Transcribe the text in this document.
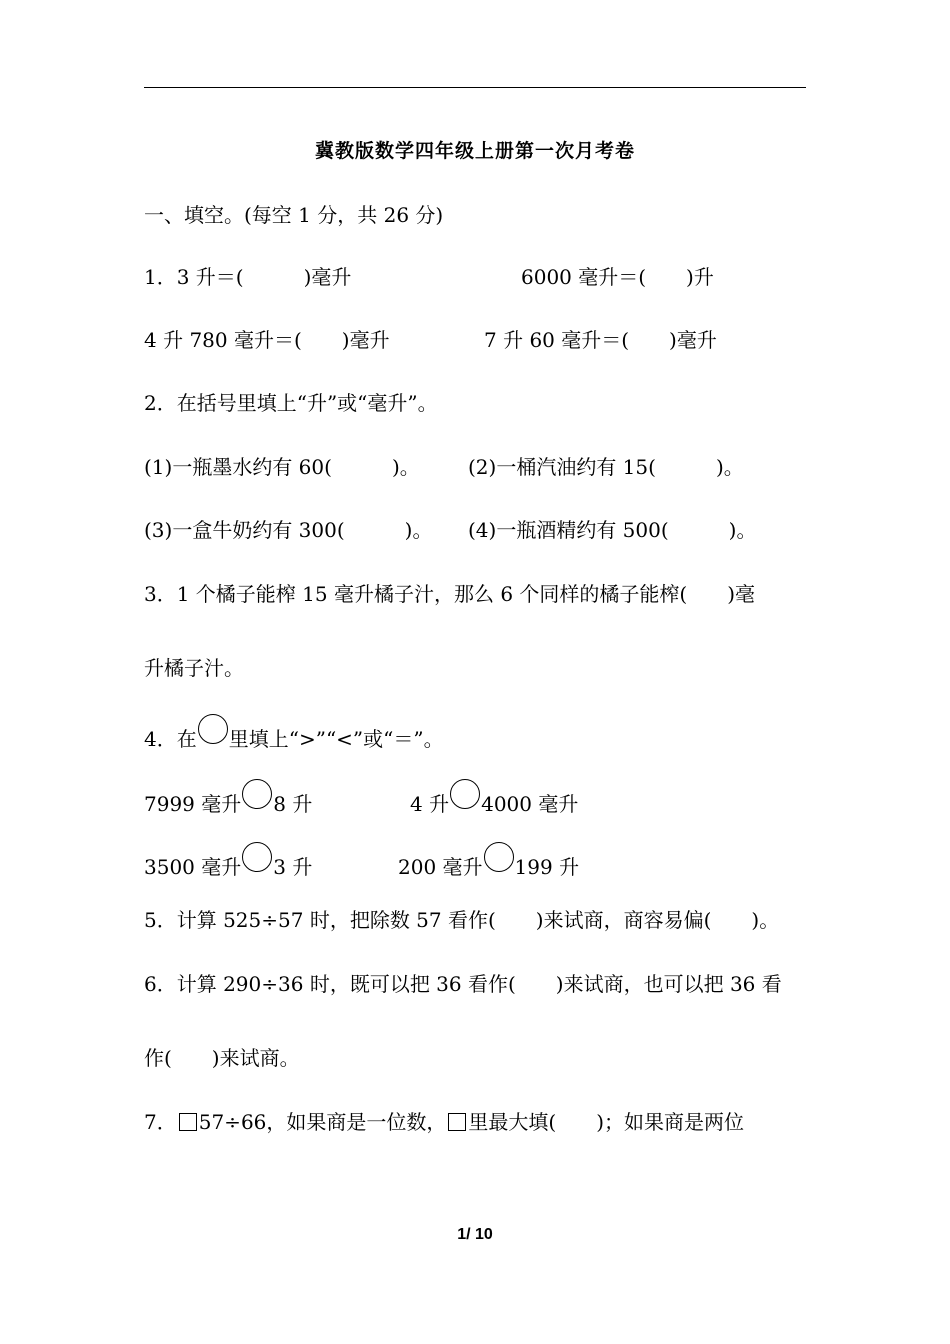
冀教版数学四年级上册第一次月考卷
一、填空。(每空 1 分，共 26 分)
1．3 升＝(　　　)毫升	6000 毫升＝(　　)升
4 升 780 毫升＝(　　)毫升	7 升 60 毫升＝(　　)毫升
2．在括号里填上“升”或“毫升”。
(1)一瓶墨水约有 60(　　　)。 (2)一桶汽油约有 15(　　　)。
(3)一盒牛奶约有 300(　　　)。 (4)一瓶酒精约有 500(　　　)。
3．1 个橘子能榨 15 毫升橘子汁，那么 6 个同样的橘子能榨(　　)毫
升橘子汁。
4．在 里填上“>”“<”或“＝”。
7999 毫升 8 升	4 升 4000 毫升
3500 毫升 3 升	200 毫升 199 升
5．计算 525÷57 时，把除数 57 看作(　　)来试商，商容易偏(　　)。
6．计算 290÷36 时，既可以把 36 看作(　　)来试商，也可以把 36 看
作(　　)来试商。
7． 57÷66，如果商是一位数， 里最大填(　　)；如果商是两位
1/ 10
